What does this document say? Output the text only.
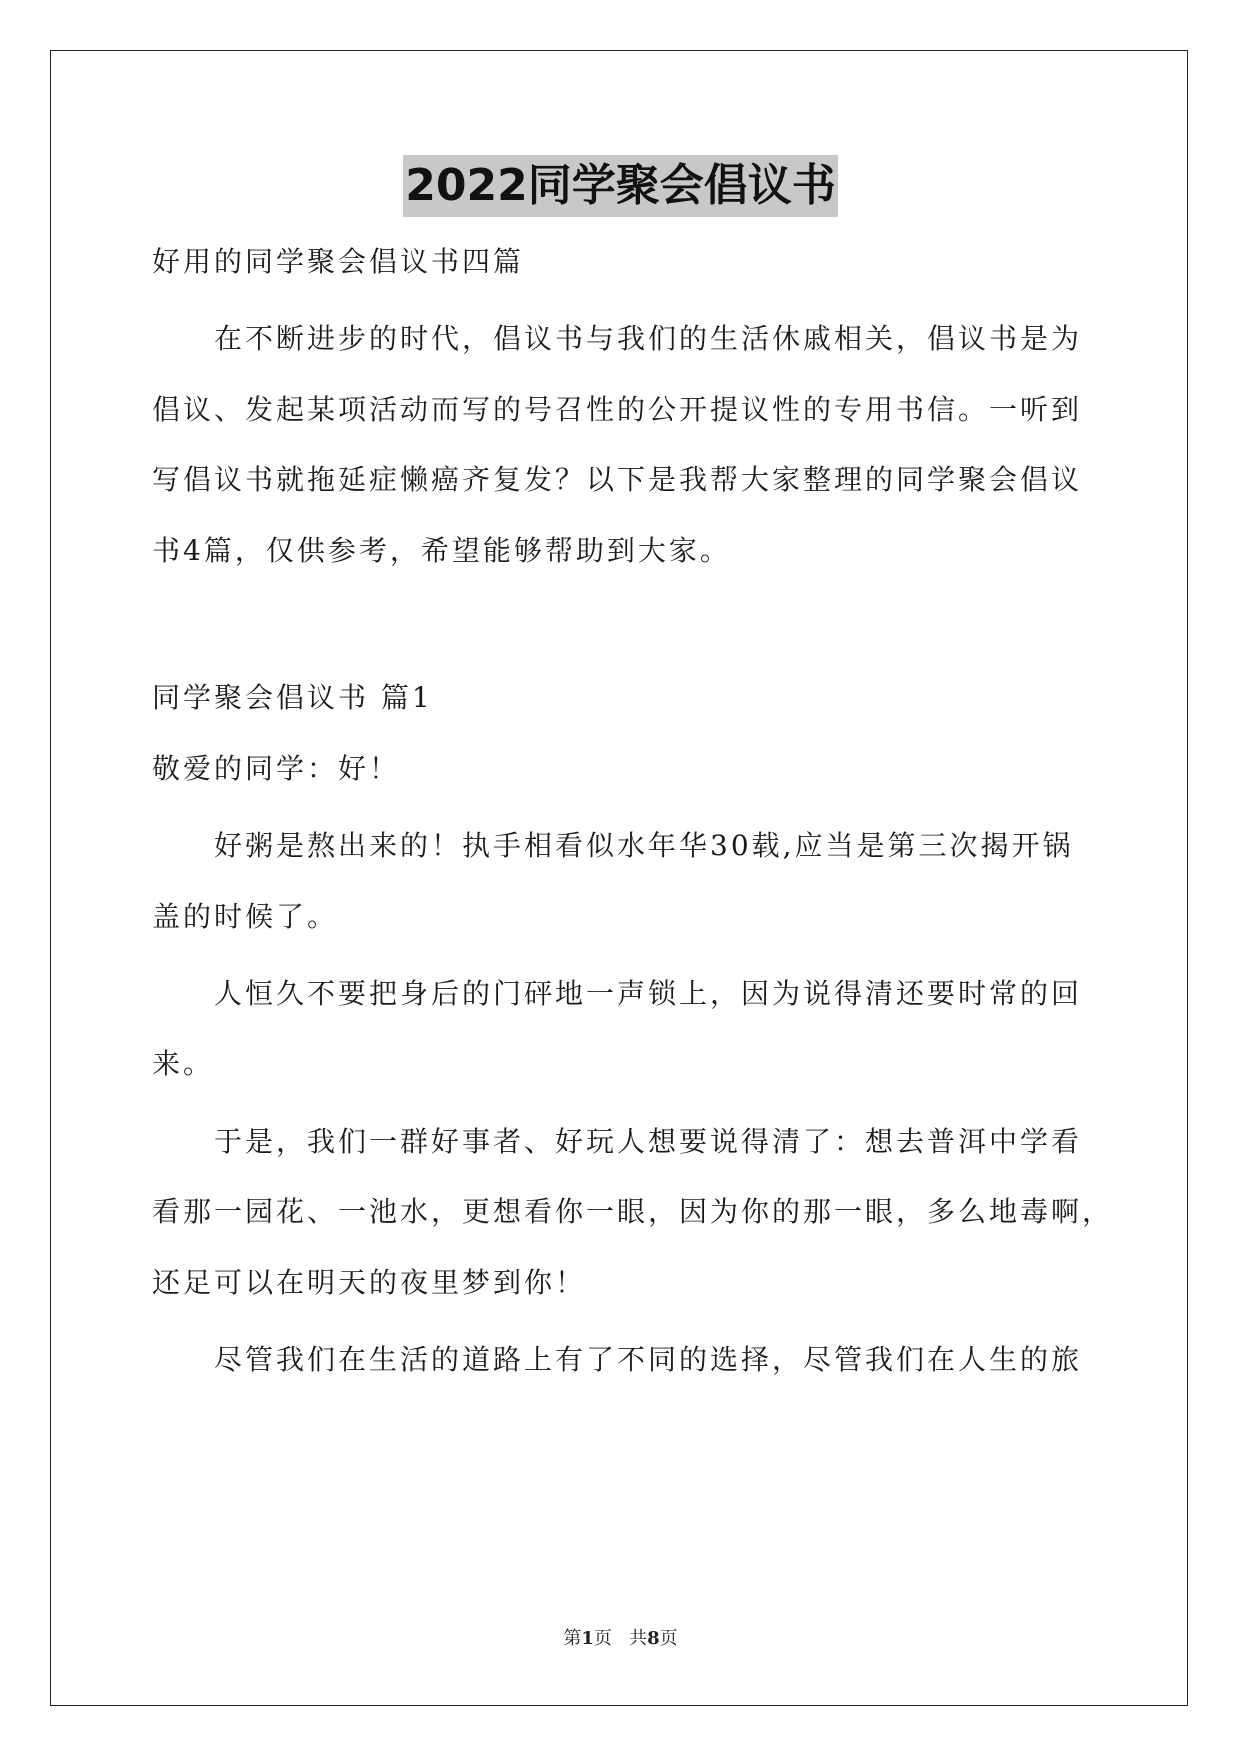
2022同学聚会倡议书
好用的同学聚会倡议书四篇
在不断进步的时代，倡议书与我们的生活休戚相关，倡议书是为
倡议、发起某项活动而写的号召性的公开提议性的专用书信。一听到
写倡议书就拖延症懒癌齐复发？以下是我帮大家整理的同学聚会倡议
书4篇，仅供参考，希望能够帮助到大家。
同学聚会倡议书 篇1
敬爱的同学：好！
好粥是熬出来的！执手相看似水年华30载,应当是第三次揭开锅
盖的时候了。
人恒久不要把身后的门砰地一声锁上，因为说得清还要时常的回
来。
于是，我们一群好事者、好玩人想要说得清了：想去普洱中学看
看那一园花、一池水，更想看你一眼，因为你的那一眼，多么地毒啊，
还足可以在明天的夜里梦到你！
尽管我们在生活的道路上有了不同的选择，尽管我们在人生的旅
第1页   共8页
